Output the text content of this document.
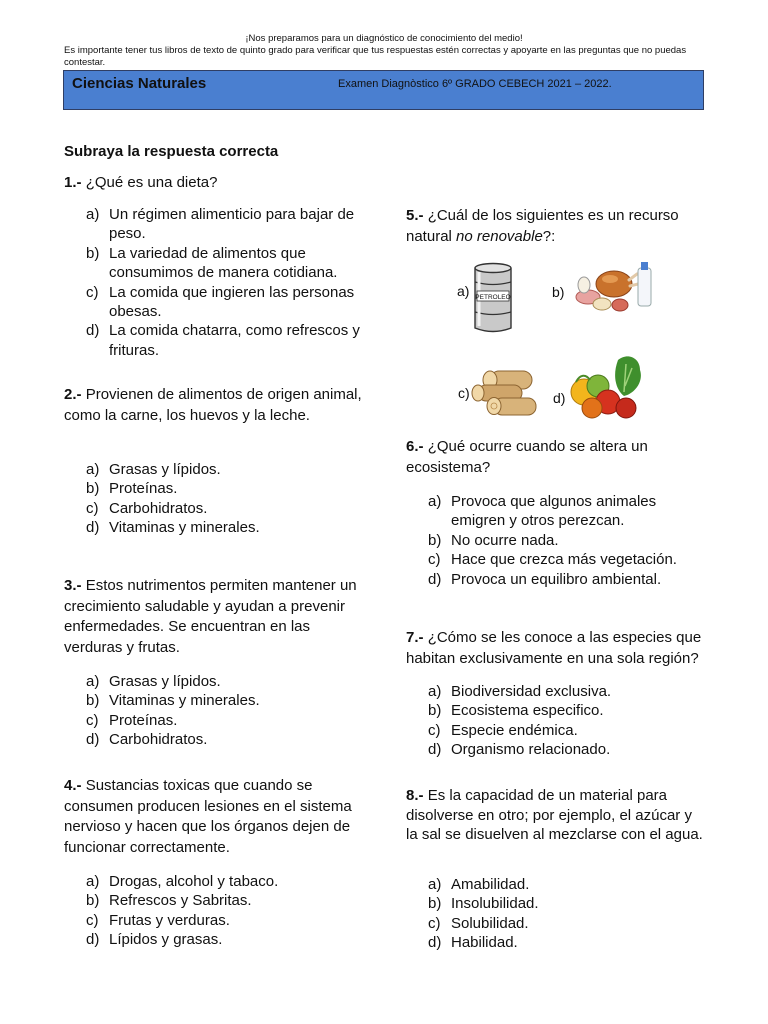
¡Nos preparamos para un diagnóstico de conocimiento del medio!
Es importante tener tus libros de texto de quinto grado para verificar que tus respuestas estén correctas y apoyarte en las preguntas que no puedas contestar.
Ciencias Naturales	Examen Diagnòstico 6º GRADO CEBECH 2021 – 2022.
Subraya la respuesta correcta
1.- ¿Qué es una dieta?
a) Un régimen alimenticio para bajar de peso.
b) La variedad de alimentos que consumimos de manera cotidiana.
c) La comida que ingieren las personas obesas.
d) La comida chatarra, como refrescos y frituras.
2.- Provienen de alimentos de origen animal, como la carne, los huevos y la leche.
a) Grasas y lípidos.
b) Proteínas.
c) Carbohidratos.
d) Vitaminas y minerales.
3.- Estos nutrimentos permiten mantener un crecimiento saludable y ayudan a prevenir enfermedades. Se encuentran en las verduras y frutas.
a) Grasas y lípidos.
b) Vitaminas y minerales.
c) Proteínas.
d) Carbohidratos.
4.- Sustancias toxicas que cuando se consumen producen lesiones en el sistema nervioso y hacen que los órganos dejen de funcionar correctamente.
a) Drogas, alcohol y tabaco.
b) Refrescos y Sabritas.
c) Frutas y verduras.
d) Lípidos y grasas.
5.- ¿Cuál de los siguientes es un recurso natural no renovable?:
a) PETROLEO	b)
c)	d)
6.- ¿Qué ocurre cuando se altera un ecosistema?
a) Provoca que algunos animales emigren y otros perezcan.
b) No ocurre nada.
c) Hace que crezca más vegetación.
d) Provoca un equilibro ambiental.
7.- ¿Cómo se les conoce a las especies que habitan exclusivamente en una sola región?
a) Biodiversidad exclusiva.
b) Ecosistema especifico.
c) Especie endémica.
d) Organismo relacionado.
8.- Es la capacidad de un material para disolverse en otro; por ejemplo, el azúcar y la sal se disuelven al mezclarse con el agua.
a) Amabilidad.
b) Insolubilidad.
c) Solubilidad.
d) Habilidad.
